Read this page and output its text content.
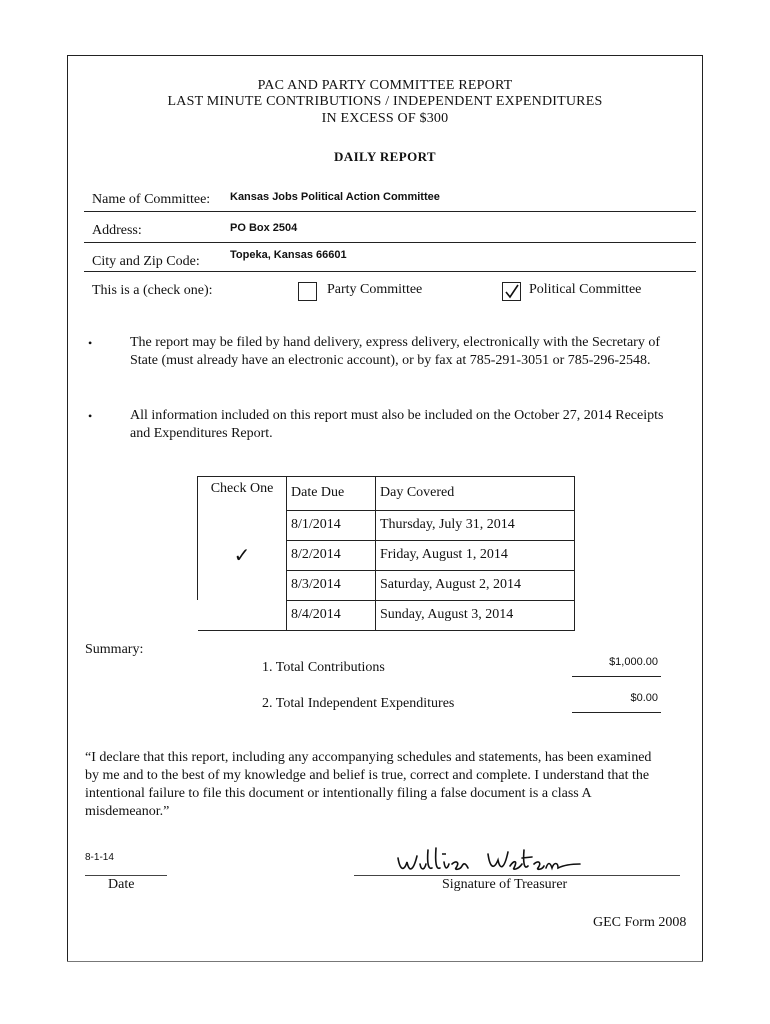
PAC AND PARTY COMMITTEE REPORT
LAST MINUTE CONTRIBUTIONS / INDEPENDENT EXPENDITURES
IN EXCESS OF $300
DAILY REPORT
Name of Committee: Kansas Jobs Political Action Committee
Address:	PO Box 2504
City and Zip Code:	Topeka, Kansas 66601
This is a (check one):	Party Committee	Political Committee
•	The report may be filed by hand delivery, express delivery, electronically with the Secretary of
State (must already have an electronic account), or by fax at 785-291-3051 or 785-296-2548.
•	All information included on this report must also be included on the October 27, 2014 Receipts
and Expenditures Report.
Check One	Date Due	Day Covered
	8/1/2014	Thursday, July 31, 2014
✓	8/2/2014	Friday, August 1, 2014
	8/3/2014	Saturday, August 2, 2014
	8/4/2014	Sunday, August 3, 2014
Summary:
1. Total Contributions	$1,000.00
2. Total Independent Expenditures	$0.00
“I declare that this report, including any accompanying schedules and statements, has been examined
by me and to the best of my knowledge and belief is true, correct and complete. I understand that the
intentional failure to file this document or intentionally filing a false document is a class A
misdemeanor.”
8-1-14
Date	Signature of Treasurer
GEC Form 2008
